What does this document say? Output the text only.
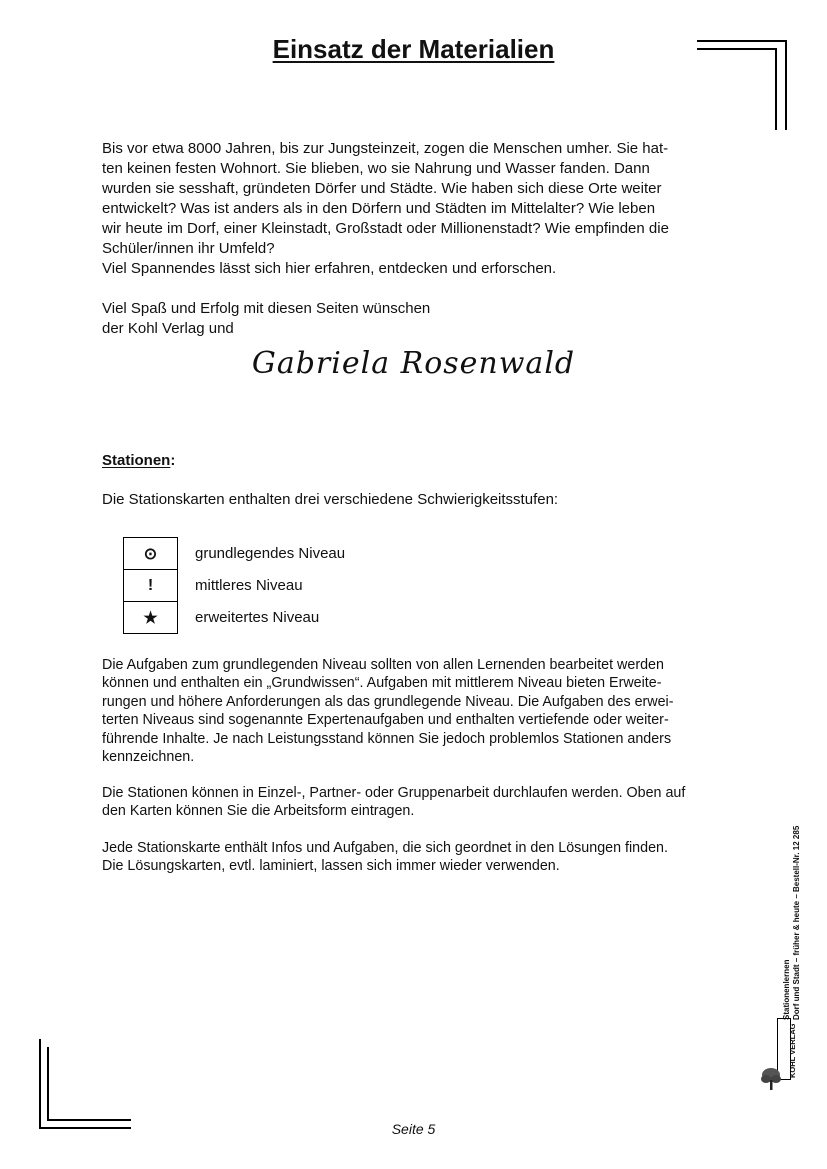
Einsatz der Materialien
Bis vor etwa 8000 Jahren, bis zur Jungsteinzeit, zogen die Menschen umher. Sie hat-
ten keinen festen Wohnort. Sie blieben, wo sie Nahrung und Wasser fanden. Dann
wurden sie sesshaft, gründeten Dörfer und Städte. Wie haben sich diese Orte weiter
entwickelt? Was ist anders als in den Dörfern und Städten im Mittelalter? Wie leben
wir heute im Dorf, einer Kleinstadt, Großstadt oder Millionenstadt? Wie empfinden die
Schüler/innen ihr Umfeld?
Viel Spannendes lässt sich hier erfahren, entdecken und erforschen.
Viel Spaß und Erfolg mit diesen Seiten wünschen
der Kohl Verlag und
Gabriela Rosenwald
Stationen:
Die Stationskarten enthalten drei verschiedene Schwierigkeitsstufen:
⊙	grundlegendes Niveau
!	mittleres Niveau
★	erweitertes Niveau
Die Aufgaben zum grundlegenden Niveau sollten von allen Lernenden bearbeitet werden
können und enthalten ein „Grundwissen“. Aufgaben mit mittlerem Niveau bieten Erweite-
rungen und höhere Anforderungen als das grundlegende Niveau. Die Aufgaben des erwei-
terten Niveaus sind sogenannte Expertenaufgaben und enthalten vertiefende oder weiter-
führende Inhalte. Je nach Leistungsstand können Sie jedoch problemlos Stationen anders
kennzeichnen.
Die Stationen können in Einzel-, Partner- oder Gruppenarbeit durchlaufen werden. Oben auf
den Karten können Sie die Arbeitsform eintragen.
Jede Stationskarte enthält Infos und Aufgaben, die sich geordnet in den Lösungen finden.
Die Lösungskarten, evtl. laminiert, lassen sich immer wieder verwenden.
Seite 5
Stationenlernen Dorf und Stadt – früher & heute – Bestell-Nr. 12 285
KOHL VERLAG
